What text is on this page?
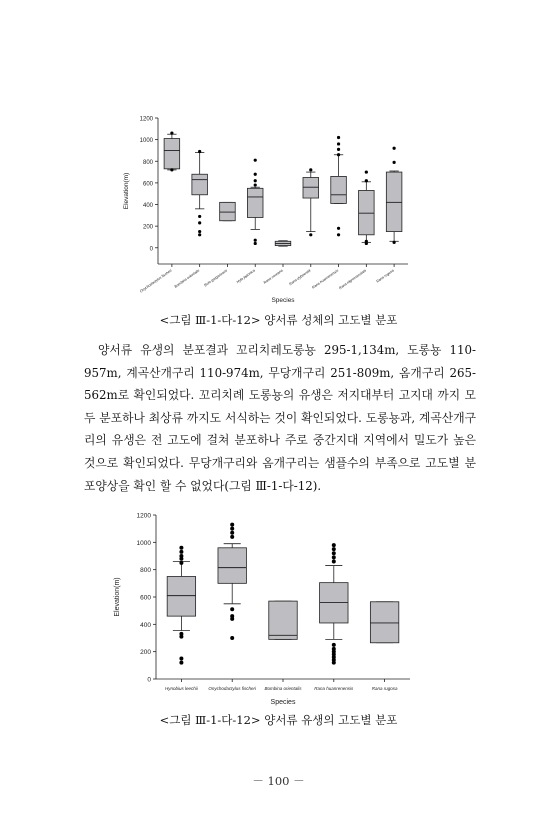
0
200
400
600
800
1000
1200
Elevation(m)
Species
Onychodactylus fischeri Bombina orientalis Bufo gargarizans Hyla japonica Rana coreana Rana dybowskii Rana huanrenensis Rana nigromaculata Rana rugosa
<그림 Ⅲ-1-다-12> 양서류 성체의 고도별 분포

양서류 유생의 분포결과 꼬리치레도롱뇽 295-1,134m, 도롱뇽 110-957m, 계곡산개구리 110-974m, 무당개구리 251-809m, 옴개구리 265-562m로 확인되었다. 꼬리치례 도롱뇽의 유생은 저지대부터 고지대 까지 모두 분포하나 최상류 까지도 서식하는 것이 확인되었다. 도롱뇽과, 계곡산개구리의 유생은 전 고도에 걸쳐 분포하나 주로 중간지대 지역에서 밀도가 높은 것으로 확인되었다. 무당개구리와 옴개구리는 샘플수의 부족으로 고도별 분포양상을 확인 할 수 없었다(그림 Ⅲ-1-다-12).

0
200
400
600
800
1000
1200
Elevation(m)
Species
Hynobius leechii Onychodactylus fischeri Bombina orientalis	Rana huanrenensis	Rana rugosa
<그림 Ⅲ-1-다-12> 양서류 유생의 고도별 분포
－ 100 －
